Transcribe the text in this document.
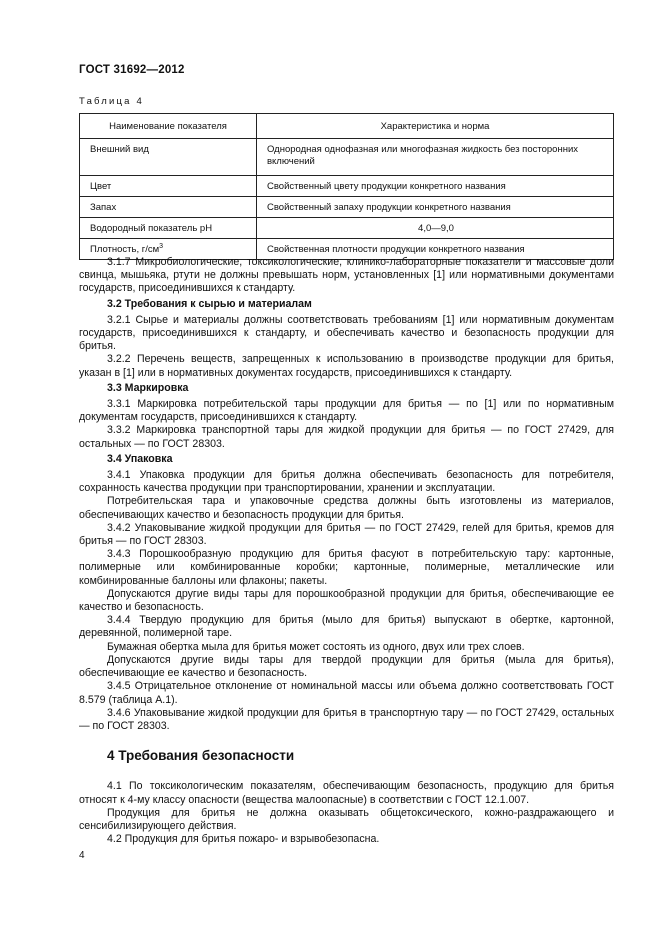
ГОСТ 31692—2012
Таблица 4
Наименование показателя	Характеристика и норма
Внешний вид	Однородная однофазная или многофазная жидкость без посторонних включений
Цвет	Свойственный цвету продукции конкретного названия
Запах	Свойственный запаху продукции конкретного названия
Водородный показатель рН	4,0—9,0
Плотность, $г/см^3$	Свойственная плотности продукции конкретного названия

3.1.7 Микробиологические, токсикологические, клинико-лабораторные показатели и массовые доли свинца, мышьяка, ртути не должны превышать норм, установленных [1] или нормативными документами государств, присоединившихся к стандарту.

3.2 Требования к сырью и материалам

3.2.1 Сырье и материалы должны соответствовать требованиям [1] или нормативным документам государств, присоединившихся к стандарту, и обеспечивать качество и безопасность продукции для бритья.

3.2.2 Перечень веществ, запрещенных к использованию в производстве продукции для бритья, указан в [1] или в нормативных документах государств, присоединившихся к стандарту.

3.3 Маркировка

3.3.1 Маркировка потребительской тары продукции для бритья — по [1] или по нормативным документам государств, присоединившихся к стандарту.

3.3.2 Маркировка транспортной тары для жидкой продукции для бритья — по ГОСТ 27429, для остальных — по ГОСТ 28303.

3.4 Упаковка

3.4.1 Упаковка продукции для бритья должна обеспечивать безопасность для потребителя, сохранность качества продукции при транспортировании, хранении и эксплуатации.

Потребительская тара и упаковочные средства должны быть изготовлены из материалов, обеспечивающих качество и безопасность продукции для бритья.

3.4.2 Упаковывание жидкой продукции для бритья — по ГОСТ 27429, гелей для бритья, кремов для бритья — по ГОСТ 28303.

3.4.3 Порошкообразную продукцию для бритья фасуют в потребительскую тару: картонные, полимерные или комбинированные коробки; картонные, полимерные, металлические или комбинированные баллоны или флаконы; пакеты.

Допускаются другие виды тары для порошкообразной продукции для бритья, обеспечивающие ее качество и безопасность.

3.4.4 Твердую продукцию для бритья (мыло для бритья) выпускают в обертке, картонной, деревянной, полимерной таре.

Бумажная обертка мыла для бритья может состоять из одного, двух или трех слоев.

Допускаются другие виды тары для твердой продукции для бритья (мыла для бритья), обеспечивающие ее качество и безопасность.

3.4.5 Отрицательное отклонение от номинальной массы или объема должно соответствовать ГОСТ 8.579 (таблица А.1).

3.4.6 Упаковывание жидкой продукции для бритья в транспортную тару — по ГОСТ 27429, остальных — по ГОСТ 28303.

4 Требования безопасности

4.1 По токсикологическим показателям, обеспечивающим безопасность, продукцию для бритья относят к 4-му классу опасности (вещества малоопасные) в соответствии с ГОСТ 12.1.007.

Продукция для бритья не должна оказывать общетоксического, кожно-раздражающего и сенсибилизирующего действия.

4.2 Продукция для бритья пожаро- и взрывобезопасна.

4
